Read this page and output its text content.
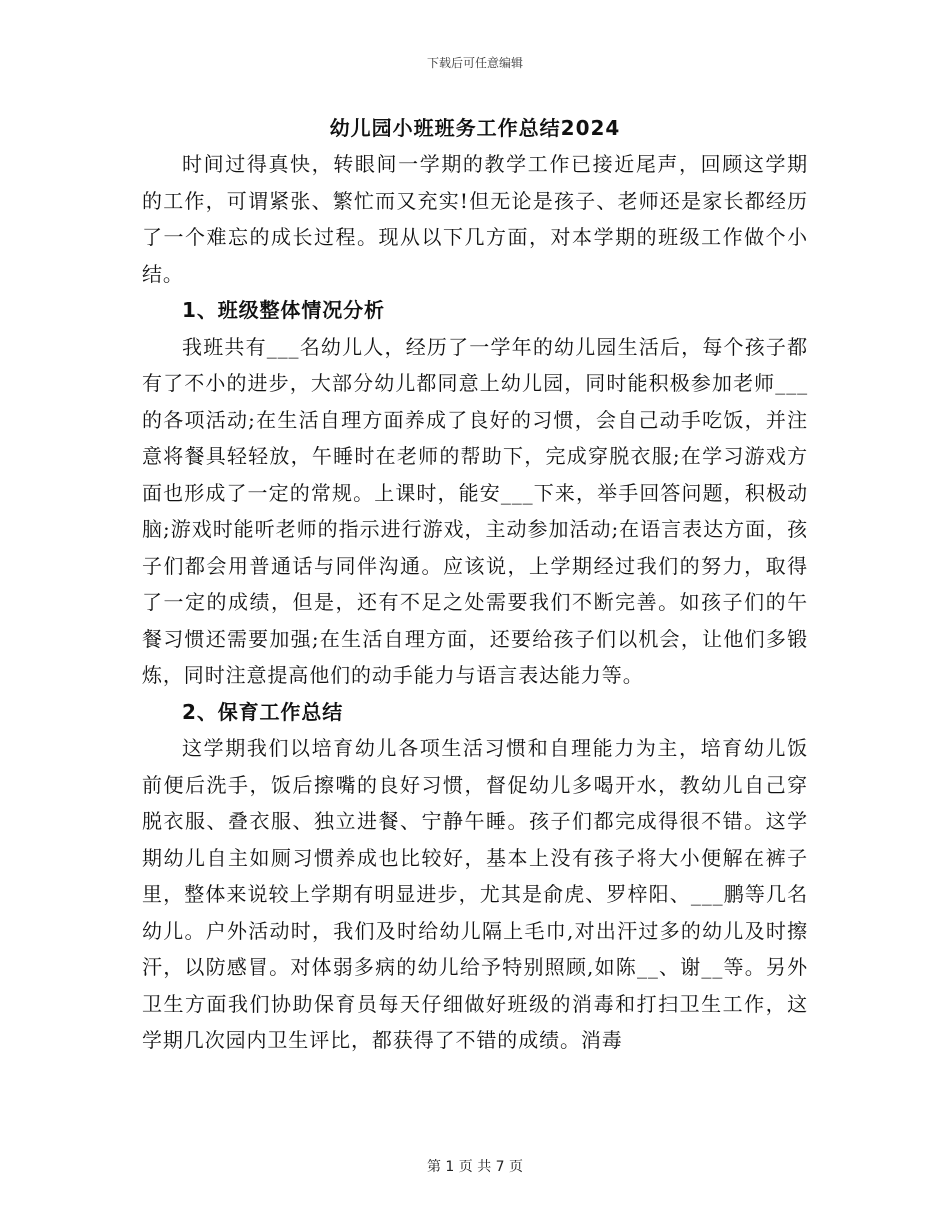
下载后可任意编辑
幼儿园小班班务工作总结2024

时间过得真快，转眼间一学期的教学工作已接近尾声，回顾这学期的工作，可谓紧张、繁忙而又充实!但无论是孩子、老师还是家长都经历了一个难忘的成长过程。现从以下几方面，对本学期的班级工作做个小结。

1、班级整体情况分析

我班共有___名幼儿人，经历了一学年的幼儿园生活后，每个孩子都有了不小的进步，大部分幼儿都同意上幼儿园，同时能积极参加老师___的各项活动;在生活自理方面养成了良好的习惯，会自己动手吃饭，并注意将餐具轻轻放，午睡时在老师的帮助下，完成穿脱衣服;在学习游戏方面也形成了一定的常规。上课时，能安___下来，举手回答问题，积极动脑;游戏时能听老师的指示进行游戏，主动参加活动;在语言表达方面，孩子们都会用普通话与同伴沟通。应该说，上学期经过我们的努力，取得了一定的成绩，但是，还有不足之处需要我们不断完善。如孩子们的午餐习惯还需要加强;在生活自理方面，还要给孩子们以机会，让他们多锻炼，同时注意提高他们的动手能力与语言表达能力等。

2、保育工作总结

这学期我们以培育幼儿各项生活习惯和自理能力为主，培育幼儿饭前便后洗手，饭后擦嘴的良好习惯，督促幼儿多喝开水，教幼儿自己穿脱衣服、叠衣服、独立进餐、宁静午睡。孩子们都完成得很不错。这学期幼儿自主如厕习惯养成也比较好，基本上没有孩子将大小便解在裤子里，整体来说较上学期有明显进步，尤其是俞虎、罗梓阳、___鹏等几名幼儿。户外活动时，我们及时给幼儿隔上毛巾,对出汗过多的幼儿及时擦汗，以防感冒。对体弱多病的幼儿给予特别照顾,如陈__、谢__等。另外卫生方面我们协助保育员每天仔细做好班级的消毒和打扫卫生工作，这学期几次园内卫生评比，都获得了不错的成绩。消毒

第 1 页 共 7 页
